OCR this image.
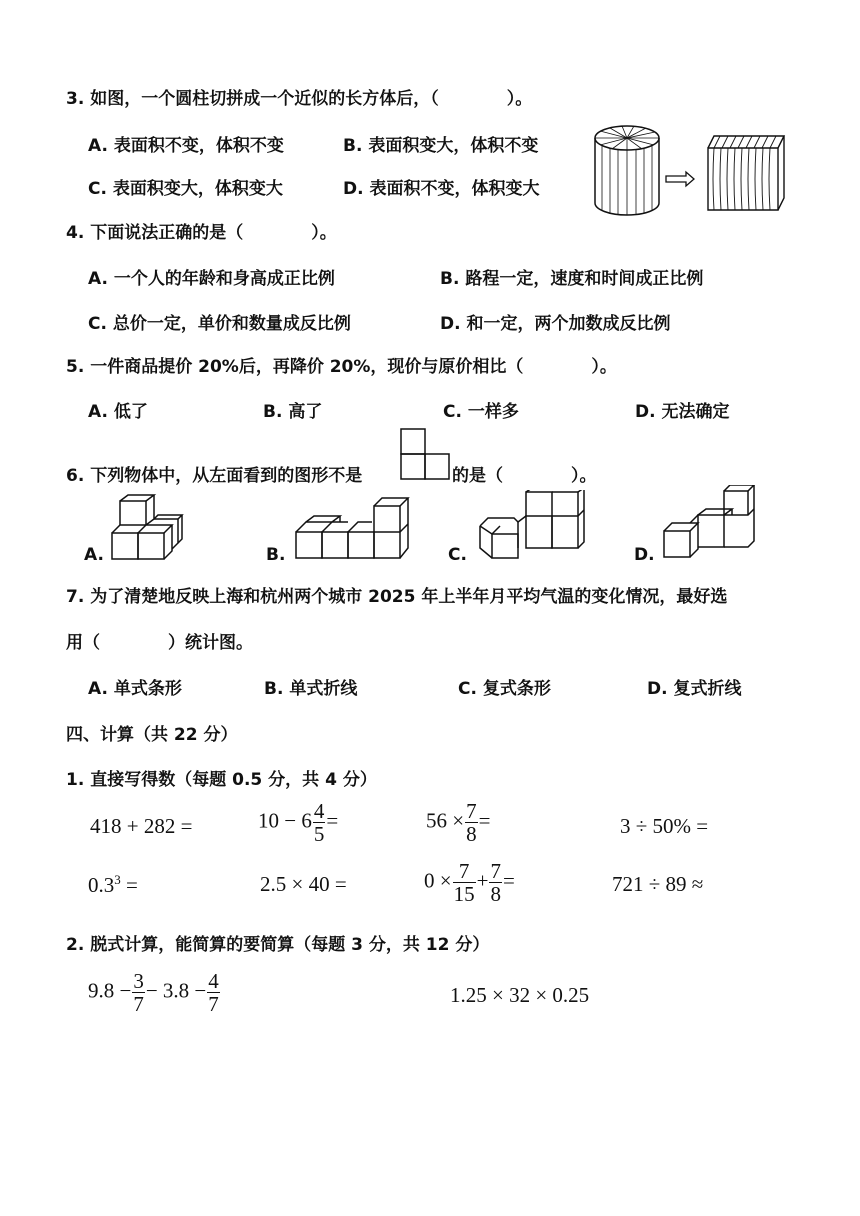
3. 如图，一个圆柱切拼成一个近似的长方体后，（　　　　）。
A. 表面积不变，体积不变	B. 表面积变大，体积不变
C. 表面积变大，体积变大	D. 表面积不变，体积变大
4. 下面说法正确的是（　　　　）。
A. 一个人的年龄和身高成正比例	B. 路程一定，速度和时间成正比例
C. 总价一定，单价和数量成反比例	D. 和一定，两个加数成反比例
5. 一件商品提价 20%后，再降价 20%，现价与原价相比（　　　　）。
A. 低了	B. 高了	C. 一样多	D. 无法确定
6. 下列物体中，从左面看到的图形不是	的是（　　　　）。
A.	B.	C.	D.
7. 为了清楚地反映上海和杭州两个城市 2025 年上半年月平均气温的变化情况，最好选
用（　　　　）统计图。
A. 单式条形	B. 单式折线	C. 复式条形	D. 复式折线
四、计算（共 22 分）
1. 直接写得数（每题 0.5 分，共 4 分）
418 + 282 =	$10 - 6 \frac{4}{5}$ =	$56 \times \frac{7}{8}$ =	3 ÷ 50% =
$0.3^3$ =	2.5 × 40 =	$0 \times \frac{7}{15} + \frac{7}{8}$ =	721 ÷ 89 ≈
2. 脱式计算，能简算的要简算（每题 3 分，共 12 分）
$9.8 - \frac{3}{7} - 3.8 - \frac{4}{7}$	1.25 × 32 × 0.25
